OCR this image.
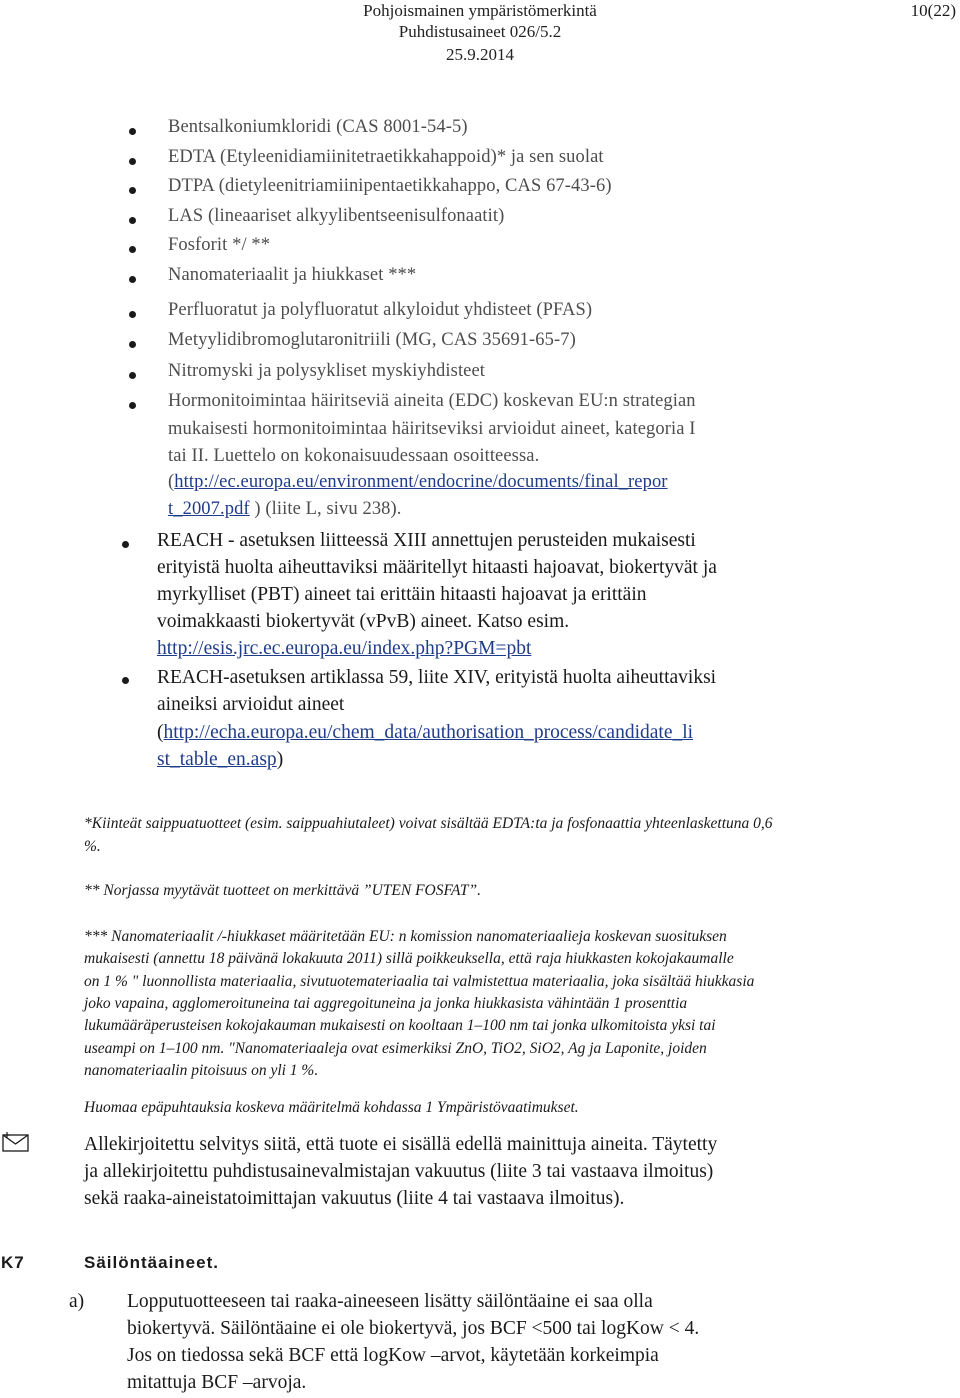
Pohjoismainen ympäristömerkintä
Puhdistusaineet 026/5.2
25.9.2014
10(22)
Bentsalkoniumkloridi (CAS 8001-54-5)
EDTA (Etyleenidiamiinitetraetikkahappoid)* ja sen suolat
DTPA (dietyleenitriamiinipentaetikkahappo, CAS 67-43-6)
LAS (lineaariset alkyylibentseenisulfonaatit)
Fosforit */ **
Nanomateriaalit ja hiukkaset ***
Perfluoratut ja polyfluoratut alkyloidut yhdisteet (PFAS)
Metyylidibromoglutaronitriili (MG, CAS 35691-65-7)
Nitromyski ja polysykliset myskiyhdisteet
Hormonitoimintaa häiritseviä aineita (EDC) koskevan EU:n strategian
mukaisesti hormonitoimintaa häiritseviksi arvioidut aineet, kategoria I
tai II. Luettelo on kokonaisuudessaan osoitteessa.
(http://ec.europa.eu/environment/endocrine/documents/final_repor
t_2007.pdf ) (liite L, sivu 238).
REACH - asetuksen liitteessä XIII annettujen perusteiden mukaisesti
erityistä huolta aiheuttaviksi määritellyt hitaasti hajoavat, biokertyvät ja
myrkylliset (PBT) aineet tai erittäin hitaasti hajoavat ja erittäin
voimakkaasti biokertyvät (vPvB) aineet. Katso esim.
http://esis.jrc.ec.europa.eu/index.php?PGM=pbt
REACH-asetuksen artiklassa 59, liite XIV, erityistä huolta aiheuttaviksi
aineiksi arvioidut aineet
(http://echa.europa.eu/chem_data/authorisation_process/candidate_li
st_table_en.asp)
*Kiinteät saippuatuotteet (esim. saippuahiutaleet) voivat sisältää EDTA:ta ja fosfonaattia yhteenlaskettuna 0,6
%.
** Norjassa myytävät tuotteet on merkittävä ”UTEN FOSFAT”.
*** Nanomateriaalit /-hiukkaset määritetään EU: n komission nanomateriaalieja koskevan suosituksen
mukaisesti (annettu 18 päivänä lokakuuta 2011) sillä poikkeuksella, että raja hiukkasten kokojakaumalle
on 1 % " luonnollista materiaalia, sivutuotemateriaalia tai valmistettua materiaalia, joka sisältää hiukkasia
joko vapaina, agglomeroituneina tai aggregoituneina ja jonka hiukkasista vähintään 1 prosenttia
lukumääräperusteisen kokojakauman mukaisesti on kooltaan 1–100 nm tai jonka ulkomitoista yksi tai
useampi on 1–100 nm. "Nanomateriaaleja ovat esimerkiksi ZnO, TiO2, SiO2, Ag ja Laponite, joiden
nanomateriaalin pitoisuus on yli 1 %.
Huomaa epäpuhtauksia koskeva määritelmä kohdassa 1 Ympäristövaatimukset.
Allekirjoitettu selvitys siitä, että tuote ei sisällä edellä mainittuja aineita. Täytetty
ja allekirjoitettu puhdistusainevalmistajan vakuutus (liite 3 tai vastaava ilmoitus)
sekä raaka-aineistatoimittajan vakuutus (liite 4 tai vastaava ilmoitus).
K7	Säilöntäaineet.
a) Lopputuotteeseen tai raaka-aineeseen lisätty säilöntäaine ei saa olla
biokertyvä. Säilöntäaine ei ole biokertyvä, jos BCF <500 tai logKow < 4.
Jos on tiedossa sekä BCF että logKow –arvot, käytetään korkeimpia
mitattuja BCF –arvoja.
